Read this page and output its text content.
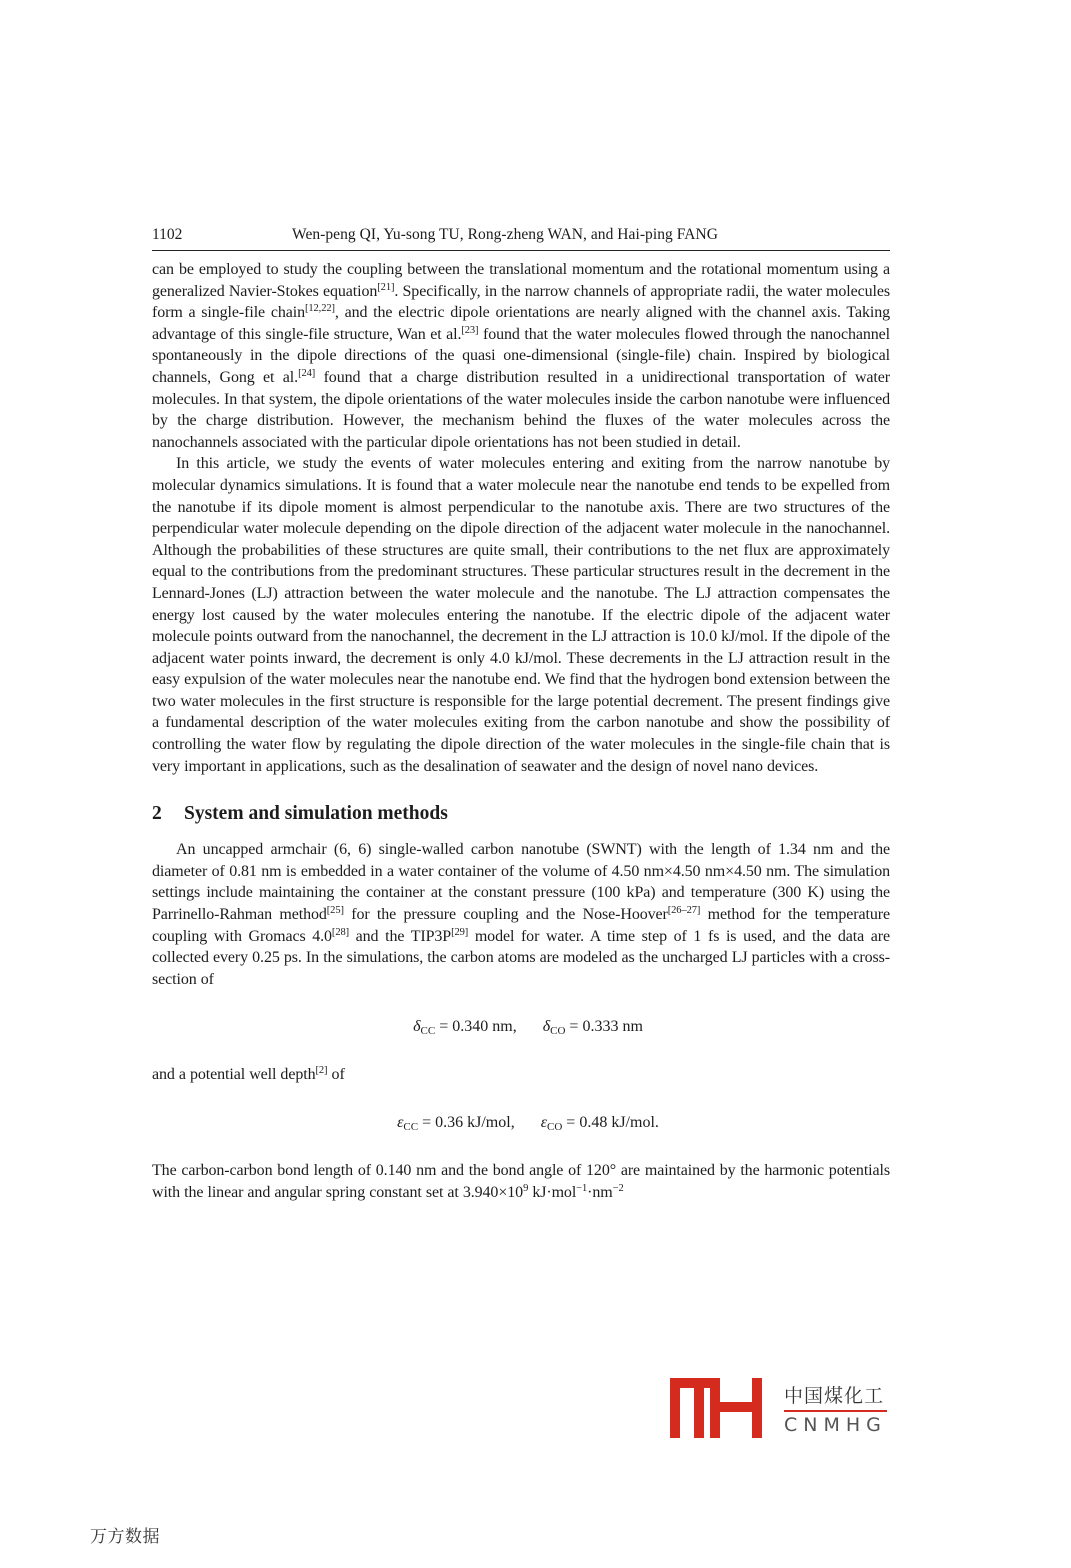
1102	Wen-peng QI, Yu-song TU, Rong-zheng WAN, and Hai-ping FANG

can be employed to study the coupling between the translational momentum and the rotational momentum using a generalized Navier-Stokes equation[21]. Specifically, in the narrow channels of appropriate radii, the water molecules form a single-file chain[12,22], and the electric dipole orientations are nearly aligned with the channel axis. Taking advantage of this single-file structure, Wan et al.[23] found that the water molecules flowed through the nanochannel spontaneously in the dipole directions of the quasi one-dimensional (single-file) chain. Inspired by biological channels, Gong et al.[24] found that a charge distribution resulted in a unidirectional transportation of water molecules. In that system, the dipole orientations of the water molecules inside the carbon nanotube were influenced by the charge distribution. However, the mechanism behind the fluxes of the water molecules across the nanochannels associated with the particular dipole orientations has not been studied in detail.

In this article, we study the events of water molecules entering and exiting from the narrow nanotube by molecular dynamics simulations. It is found that a water molecule near the nanotube end tends to be expelled from the nanotube if its dipole moment is almost perpendicular to the nanotube axis. There are two structures of the perpendicular water molecule depending on the dipole direction of the adjacent water molecule in the nanochannel. Although the probabilities of these structures are quite small, their contributions to the net flux are approximately equal to the contributions from the predominant structures. These particular structures result in the decrement in the Lennard-Jones (LJ) attraction between the water molecule and the nanotube. The LJ attraction compensates the energy lost caused by the water molecules entering the nanotube. If the electric dipole of the adjacent water molecule points outward from the nanochannel, the decrement in the LJ attraction is 10.0 kJ/mol. If the dipole of the adjacent water points inward, the decrement is only 4.0 kJ/mol. These decrements in the LJ attraction result in the easy expulsion of the water molecules near the nanotube end. We find that the hydrogen bond extension between the two water molecules in the first structure is responsible for the large potential decrement. The present findings give a fundamental description of the water molecules exiting from the carbon nanotube and show the possibility of controlling the water flow by regulating the dipole direction of the water molecules in the single-file chain that is very important in applications, such as the desalination of seawater and the design of novel nano devices.

2	System and simulation methods

An uncapped armchair (6, 6) single-walled carbon nanotube (SWNT) with the length of 1.34 nm and the diameter of 0.81 nm is embedded in a water container of the volume of 4.50 nm×4.50 nm×4.50 nm. The simulation settings include maintaining the container at the constant pressure (100 kPa) and temperature (300 K) using the Parrinello-Rahman method[25] for the pressure coupling and the Nose-Hoover[26–27] method for the temperature coupling with Gromacs 4.0[28] and the TIP3P[29] model for water. A time step of 1 fs is used, and the data are collected every 0.25 ps. In the simulations, the carbon atoms are modeled as the uncharged LJ particles with a cross-section of

$\delta_{CC} = 0.340$ nm, $\delta_{CO} = 0.333$ nm

and a potential well depth[2] of

$\varepsilon_{CC} = 0.36$ kJ/mol, $\varepsilon_{CO} = 0.48$ kJ/mol.

The carbon-carbon bond length of 0.140 nm and the bond angle of 120° are maintained by the harmonic potentials with the linear and angular spring constant set at $3.940\times 10^9$ $kJ\cdot mol^{-1}\cdot nm^{-2}$

中国煤化工
CNMHG
万方数据
